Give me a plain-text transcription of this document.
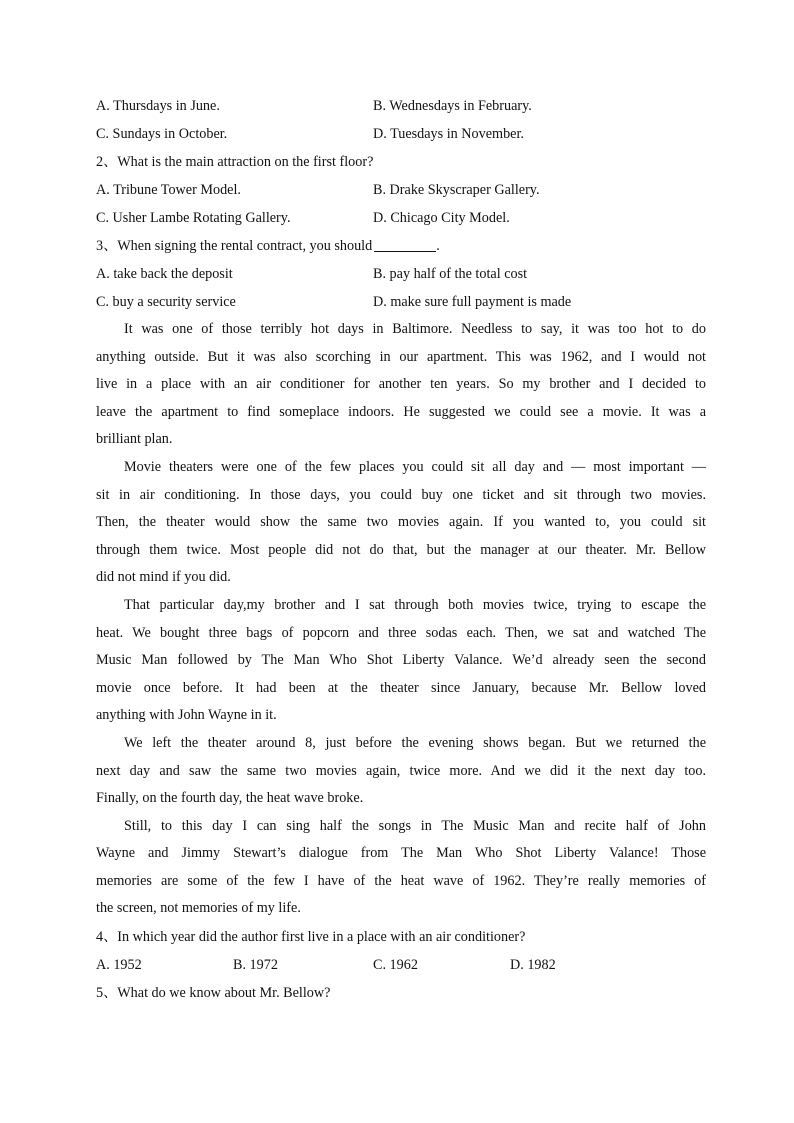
A. Thursdays in June.	B. Wednesdays in February.
C. Sundays in October.	D. Tuesdays in November.
2、What is the main attraction on the first floor?
A. Tribune Tower Model.	B. Drake Skyscraper Gallery.
C. Usher Lambe Rotating Gallery.	D. Chicago City Model.
3、When signing the rental contract, you should	.
A. take back the deposit	B. pay half of the total cost
C. buy a security service	D. make sure full payment is made
It was one of those terribly hot days in Baltimore. Needless to say, it was too hot to do
anything outside. But it was also scorching in our apartment. This was 1962, and I would not
live in a place with an air conditioner for another ten years. So my brother and I decided to
leave the apartment to find someplace indoors. He suggested we could see a movie. It was a
brilliant plan.
Movie theaters were one of the few places you could sit all day and — most important —
sit in air conditioning. In those days, you could buy one ticket and sit through two movies.
Then, the theater would show the same two movies again. If you wanted to, you could sit
through them twice. Most people did not do that, but the manager at our theater. Mr. Bellow
did not mind if you did.
That particular day,my brother and I sat through both movies twice, trying to escape the
heat. We bought three bags of popcorn and three sodas each. Then, we sat and watched The
Music Man followed by The Man Who Shot Liberty Valance. We’d already seen the second
movie once before. It had been at the theater since January, because Mr. Bellow loved
anything with John Wayne in it.
We left the theater around 8, just before the evening shows began. But we returned the
next day and saw the same two movies again, twice more. And we did it the next day too.
Finally, on the fourth day, the heat wave broke.
Still, to this day I can sing half the songs in The Music Man and recite half of John
Wayne and Jimmy Stewart’s dialogue from The Man Who Shot Liberty Valance! Those
memories are some of the few I have of the heat wave of 1962. They’re really memories of
the screen, not memories of my life.
4、In which year did the author first live in a place with an air conditioner?
A. 1952	B. 1972	C. 1962	D. 1982
5、What do we know about Mr. Bellow?
